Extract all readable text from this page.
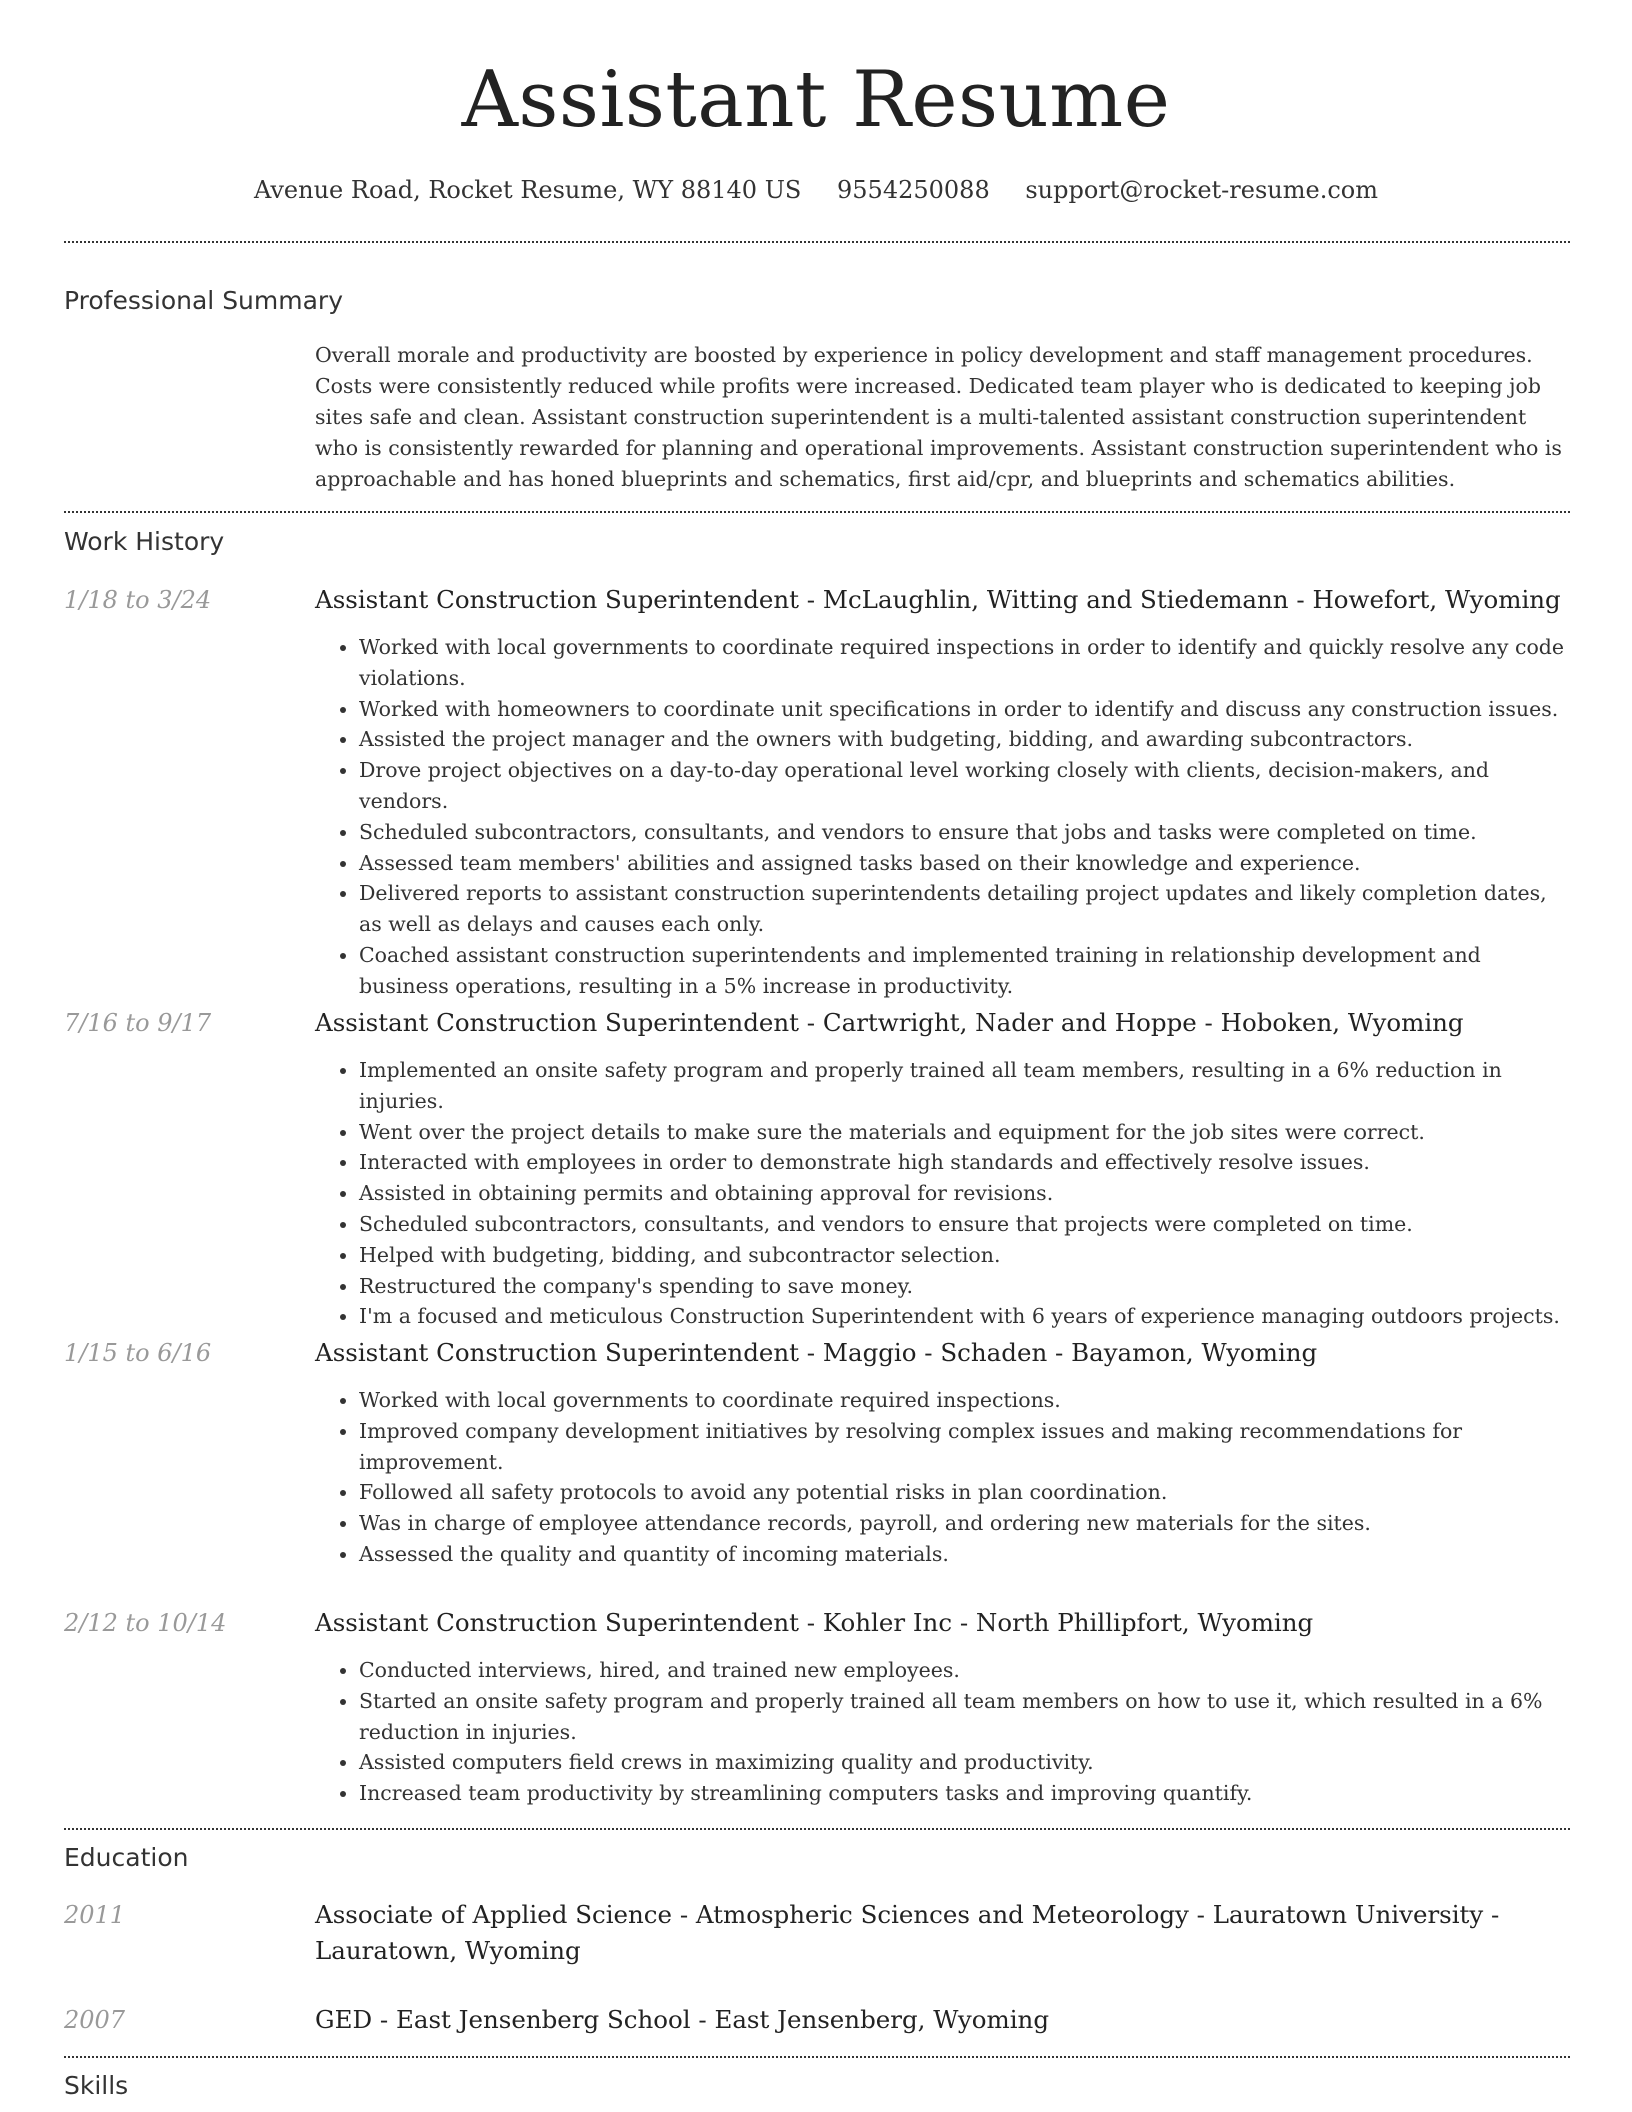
Assistant Resume
Avenue Road, Rocket Resume, WY 88140 US 9554250088 support@rocket-resume.com
Professional Summary
Overall morale and productivity are boosted by experience in policy development and staff management procedures. Costs were consistently reduced while profits were increased. Dedicated team player who is dedicated to keeping job sites safe and clean. Assistant construction superintendent is a multi-talented assistant construction superintendent who is consistently rewarded for planning and operational improvements. Assistant construction superintendent who is approachable and has honed blueprints and schematics, first aid/cpr, and blueprints and schematics abilities.
Work History
1/18 to 3/24	Assistant Construction Superintendent - McLaughlin, Witting and Stiedemann - Howefort, Wyoming
• Worked with local governments to coordinate required inspections in order to identify and quickly resolve any code violations.
• Worked with homeowners to coordinate unit specifications in order to identify and discuss any construction issues.
• Assisted the project manager and the owners with budgeting, bidding, and awarding subcontractors.
• Drove project objectives on a day-to-day operational level working closely with clients, decision-makers, and vendors.
• Scheduled subcontractors, consultants, and vendors to ensure that jobs and tasks were completed on time.
• Assessed team members' abilities and assigned tasks based on their knowledge and experience.
• Delivered reports to assistant construction superintendents detailing project updates and likely completion dates, as well as delays and causes each only.
• Coached assistant construction superintendents and implemented training in relationship development and business operations, resulting in a 5% increase in productivity.
7/16 to 9/17	Assistant Construction Superintendent - Cartwright, Nader and Hoppe - Hoboken, Wyoming
• Implemented an onsite safety program and properly trained all team members, resulting in a 6% reduction in injuries.
• Went over the project details to make sure the materials and equipment for the job sites were correct.
• Interacted with employees in order to demonstrate high standards and effectively resolve issues.
• Assisted in obtaining permits and obtaining approval for revisions.
• Scheduled subcontractors, consultants, and vendors to ensure that projects were completed on time.
• Helped with budgeting, bidding, and subcontractor selection.
• Restructured the company's spending to save money.
• I'm a focused and meticulous Construction Superintendent with 6 years of experience managing outdoors projects.
1/15 to 6/16	Assistant Construction Superintendent - Maggio - Schaden - Bayamon, Wyoming
• Worked with local governments to coordinate required inspections.
• Improved company development initiatives by resolving complex issues and making recommendations for improvement.
• Followed all safety protocols to avoid any potential risks in plan coordination.
• Was in charge of employee attendance records, payroll, and ordering new materials for the sites.
• Assessed the quality and quantity of incoming materials.
2/12 to 10/14	Assistant Construction Superintendent - Kohler Inc - North Phillipfort, Wyoming
• Conducted interviews, hired, and trained new employees.
• Started an onsite safety program and properly trained all team members on how to use it, which resulted in a 6% reduction in injuries.
• Assisted computers field crews in maximizing quality and productivity.
• Increased team productivity by streamlining computers tasks and improving quantify.
Education
2011	Associate of Applied Science - Atmospheric Sciences and Meteorology - Lauratown University - Lauratown, Wyoming
2007	GED - East Jensenberg School - East Jensenberg, Wyoming
Skills
